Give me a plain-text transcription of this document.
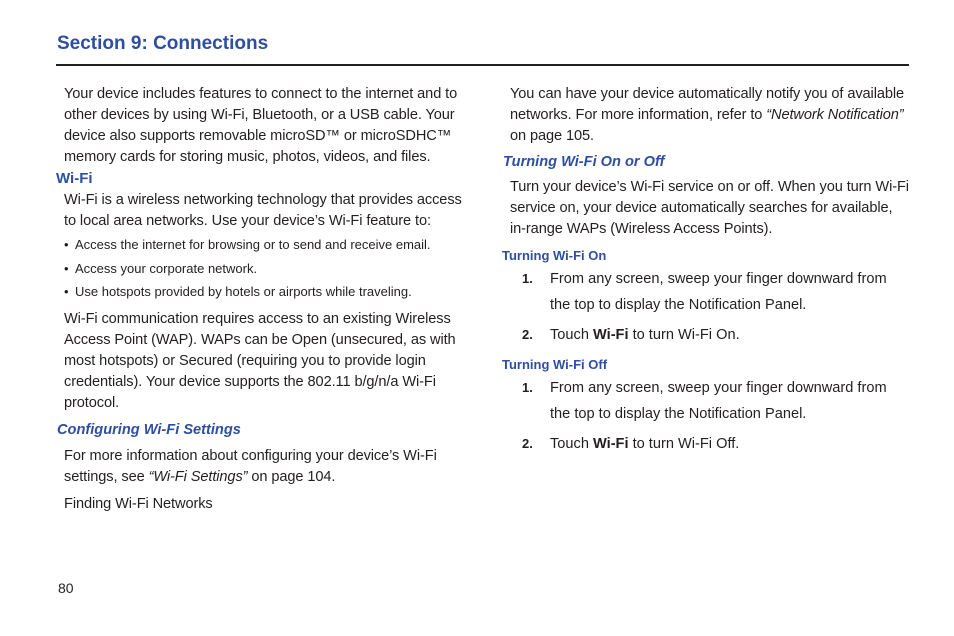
Section 9: Connections

Your device includes features to connect to the internet and to other devices by using Wi-Fi, Bluetooth, or a USB cable. Your device also supports removable microSD™ or microSDHC™ memory cards for storing music, photos, videos, and files.

Wi-Fi

Wi-Fi is a wireless networking technology that provides access to local area networks. Use your device’s Wi-Fi feature to:

• Access the internet for browsing or to send and receive email.

• Access your corporate network.

• Use hotspots provided by hotels or airports while traveling.

Wi-Fi communication requires access to an existing Wireless Access Point (WAP). WAPs can be Open (unsecured, as with most hotspots) or Secured (requiring you to provide login credentials). Your device supports the 802.11 b/g/n/a Wi-Fi protocol.

Configuring Wi-Fi Settings

For more information about configuring your device’s Wi-Fi settings, see “Wi-Fi Settings” on page 104.

Finding Wi-Fi Networks

You can have your device automatically notify you of available networks. For more information, refer to “Network Notification” on page 105.

Turning Wi-Fi On or Off

Turn your device’s Wi-Fi service on or off. When you turn Wi-Fi service on, your device automatically searches for available, in-range WAPs (Wireless Access Points).

Turning Wi-Fi On

1.	From any screen, sweep your finger downward from the top to display the Notification Panel.

2.	Touch Wi-Fi to turn Wi-Fi On.

Turning Wi-Fi Off

1.	From any screen, sweep your finger downward from the top to display the Notification Panel.

2.	Touch Wi-Fi to turn Wi-Fi Off.

80
